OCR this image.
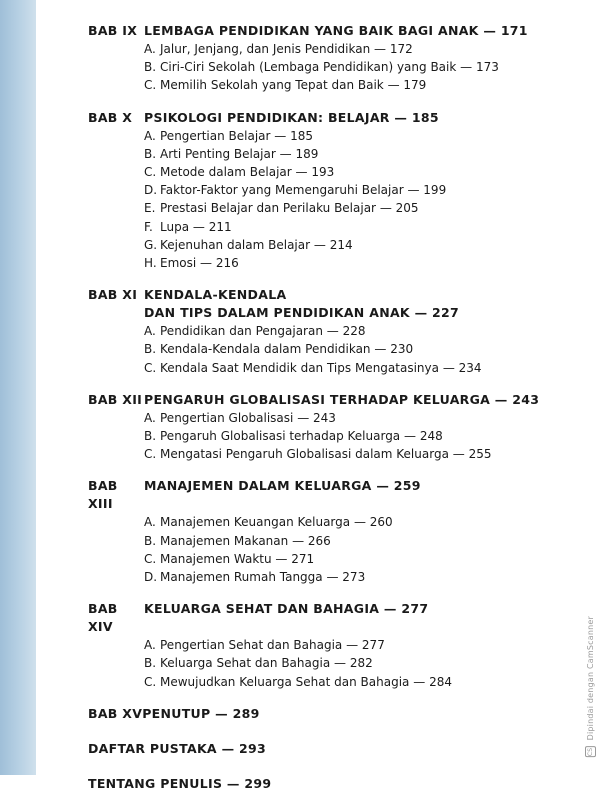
BAB IX LEMBAGA PENDIDIKAN YANG BAIK BAGI ANAK — 171
A. Jalur, Jenjang, dan Jenis Pendidikan — 172
B. Ciri-Ciri Sekolah (Lembaga Pendidikan) yang Baik — 173
C. Memilih Sekolah yang Tepat dan Baik — 179
BAB X PSIKOLOGI PENDIDIKAN: BELAJAR — 185
A. Pengertian Belajar — 185
B. Arti Penting Belajar — 189
C. Metode dalam Belajar — 193
D. Faktor-Faktor yang Memengaruhi Belajar — 199
E. Prestasi Belajar dan Perilaku Belajar — 205
F. Lupa — 211
G. Kejenuhan dalam Belajar — 214
H. Emosi — 216
BAB XI KENDALA-KENDALA
DAN TIPS DALAM PENDIDIKAN ANAK — 227
A. Pendidikan dan Pengajaran — 228
B. Kendala-Kendala dalam Pendidikan — 230
C. Kendala Saat Mendidik dan Tips Mengatasinya — 234
BAB XII PENGARUH GLOBALISASI TERHADAP KELUARGA — 243
A. Pengertian Globalisasi — 243
B. Pengaruh Globalisasi terhadap Keluarga — 248
C. Mengatasi Pengaruh Globalisasi dalam Keluarga — 255
BAB XIII
MANAJEMEN DALAM KELUARGA — 259
A. Manajemen Keuangan Keluarga — 260
B. Manajemen Makanan — 266
C. Manajemen Waktu — 271
D. Manajemen Rumah Tangga — 273
BAB XIV
KELUARGA SEHAT DAN BAHAGIA — 277
A. Pengertian Sehat dan Bahagia — 277
B. Keluarga Sehat dan Bahagia — 282
C. Mewujudkan Keluarga Sehat dan Bahagia — 284
BAB XVPENUTUP — 289
DAFTAR PUSTAKA — 293
TENTANG PENULIS — 299
CS Dipindai dengan CamScanner
